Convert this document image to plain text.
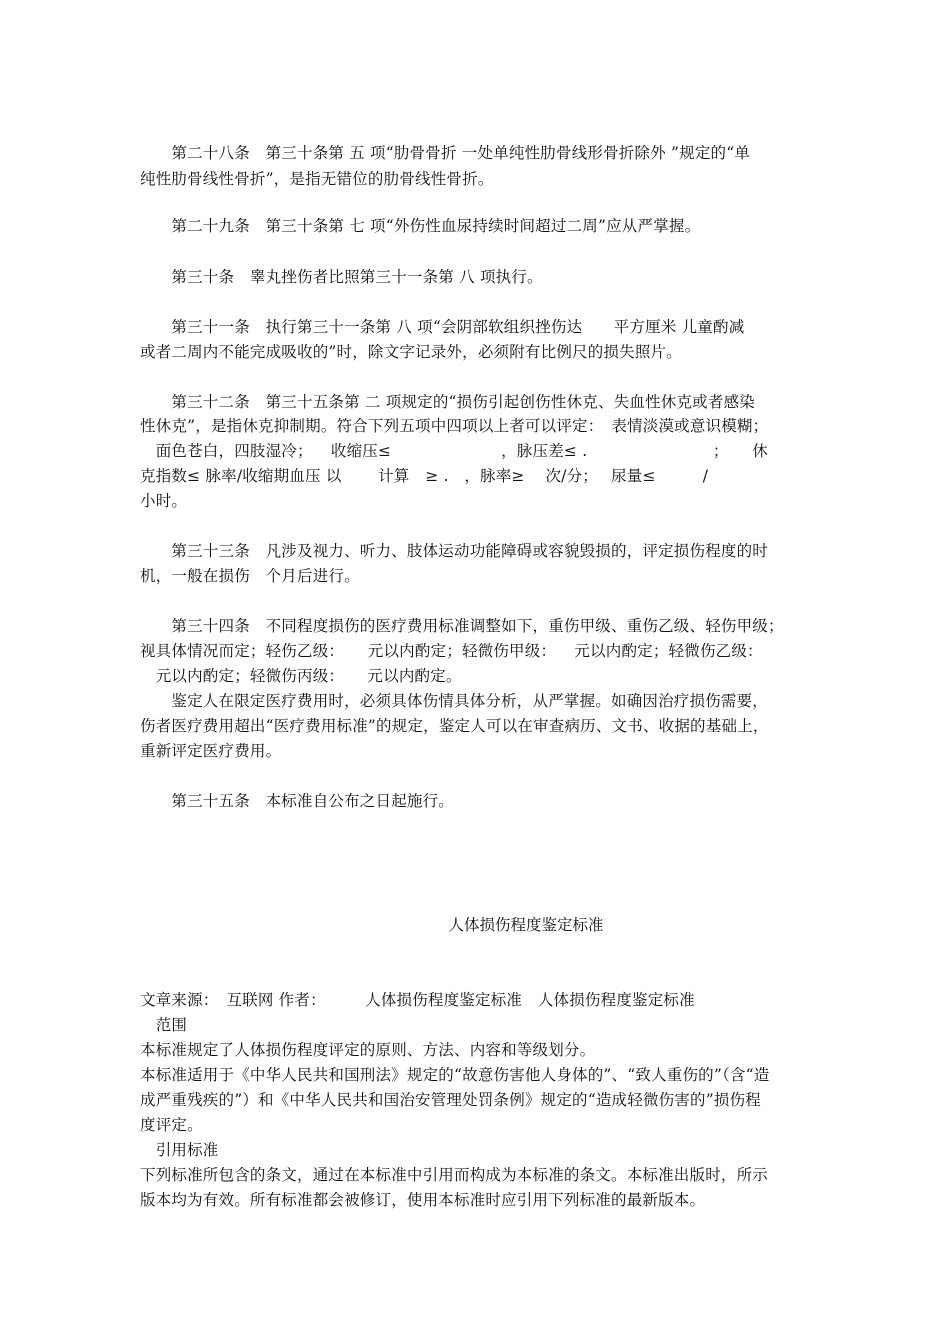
　　第二十八条　第三十条第 五 项“肋骨骨折 一处单纯性肋骨线形骨折除外 ”规定的“单
纯性肋骨线性骨折”，是指无错位的肋骨线性骨折。
　　第二十九条　第三十条第 七 项“外伤性血尿持续时间超过二周”应从严掌握。
　　第三十条　睾丸挫伤者比照第三十一条第 八 项执行。
　　第三十一条　执行第三十一条第 八 项“会阴部软组织挫伤达　　平方厘米 儿童酌减
或者二周内不能完成吸收的”时，除文字记录外，必须附有比例尺的损失照片。
　　第三十二条　第三十五条第 二 项规定的“损伤引起创伤性休克、失血性休克或者感染
性休克”，是指休克抑制期。符合下列五项中四项以上者可以评定：　表情淡漠或意识模糊；
　面色苍白，四肢湿冷；　  收缩压≤　　　　　　　，脉压差≤ .　　　　　　　　；　　休
克指数≤ 脉率/收缩期血压 以　　 计算　≥ .　，脉率≥　 次/分；　 尿量≤　　　/
小时。
　　第三十三条　凡涉及视力、听力、肢体运动功能障碍或容貌毁损的，评定损伤程度的时
机，一般在损伤　个月后进行。
　　第三十四条　不同程度损伤的医疗费用标准调整如下，重伤甲级、重伤乙级、轻伤甲级；
视具体情况而定；轻伤乙级：　　元以内酌定；轻微伤甲级：　  元以内酌定；轻微伤乙级：
　元以内酌定；轻微伤丙级：　   元以内酌定。
　　鉴定人在限定医疗费用时，必须具体伤情具体分析，从严掌握。如确因治疗损伤需要，
伤者医疗费用超出“医疗费用标准”的规定，鉴定人可以在审查病历、文书、收据的基础上，
重新评定医疗费用。
　　第三十五条　本标准自公布之日起施行。
人体损伤程度鉴定标准
文章来源：　互联网 作者：　　　人体损伤程度鉴定标准　人体损伤程度鉴定标准
　范围
本标准规定了人体损伤程度评定的原则、方法、内容和等级划分。
本标准适用于《中华人民共和国刑法》规定的“故意伤害他人身体的”、“致人重伤的”（含“造
成严重残疾的”）和《中华人民共和国治安管理处罚条例》规定的“造成轻微伤害的”损伤程
度评定。
　引用标准
下列标准所包含的条文，通过在本标准中引用而构成为本标准的条文。本标准出版时，所示
版本均为有效。所有标准都会被修订，使用本标准时应引用下列标准的最新版本。
